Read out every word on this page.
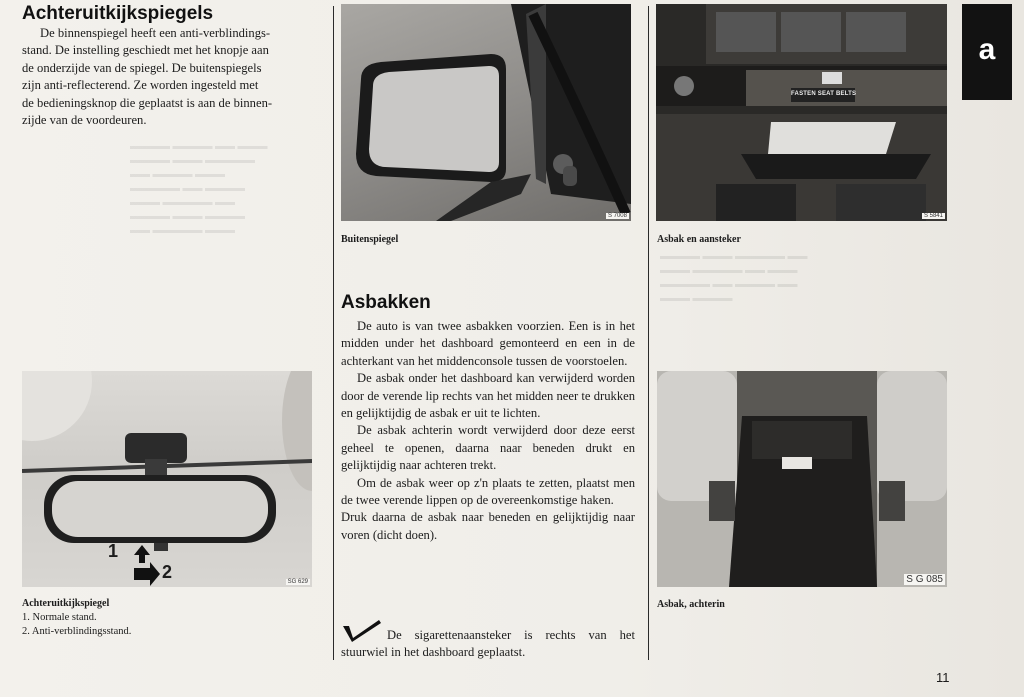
▬▬▬▬ ▬▬▬▬ ▬▬ ▬▬▬
▬▬▬▬ ▬▬▬ ▬▬▬▬▬
▬▬ ▬▬▬▬ ▬▬▬
▬▬▬▬▬ ▬▬ ▬▬▬▬
▬▬▬ ▬▬▬▬▬ ▬▬
▬▬▬▬ ▬▬▬ ▬▬▬▬
▬▬ ▬▬▬▬▬ ▬▬▬
▬▬▬▬ ▬▬▬ ▬▬▬▬▬ ▬▬
▬▬▬ ▬▬▬▬▬ ▬▬ ▬▬▬
▬▬▬▬▬ ▬▬ ▬▬▬▬ ▬▬
▬▬▬ ▬▬▬▬
Achteruitkijkspiegels

De binnenspiegel heeft een anti-verblindings-

stand. De instelling geschiedt met het knopje aan

de onderzijde van de spiegel. De buitenspiegels

zijn anti-reflecterend. Ze worden ingesteld met

de bedieningsknop die geplaatst is aan de binnen-

zijde van de voordeuren.

1
2	SG 629
Achteruitkijkspiegel
1. Normale stand.
2. Anti-verblindingsstand.
S 7008
Buitenspiegel
Asbakken

De auto is van twee asbakken voorzien. Een is in het midden under het dashboard gemonteerd en een in de achterkant van het middenconsole tussen de voorstoelen.

De asbak onder het dashboard kan verwijderd worden door de verende lip rechts van het midden neer te drukken en gelijktijdig de asbak er uit te lichten.

De asbak achterin wordt verwijderd door deze eerst geheel te openen, daarna naar beneden drukt en gelijktijdig naar achteren trekt.

Om de asbak weer op z'n plaats te zetten, plaatst men de twee verende lippen op de overeenkomstige haken.

Druk daarna de asbak naar beneden en gelijktijdig naar voren (dicht doen).

De sigarettenaansteker is rechts van het stuurwiel in het dashboard geplaatst.

FASTEN SEAT BELTS
S 5841
Asbak en aansteker
S G 085
Asbak, achterin
a
11
